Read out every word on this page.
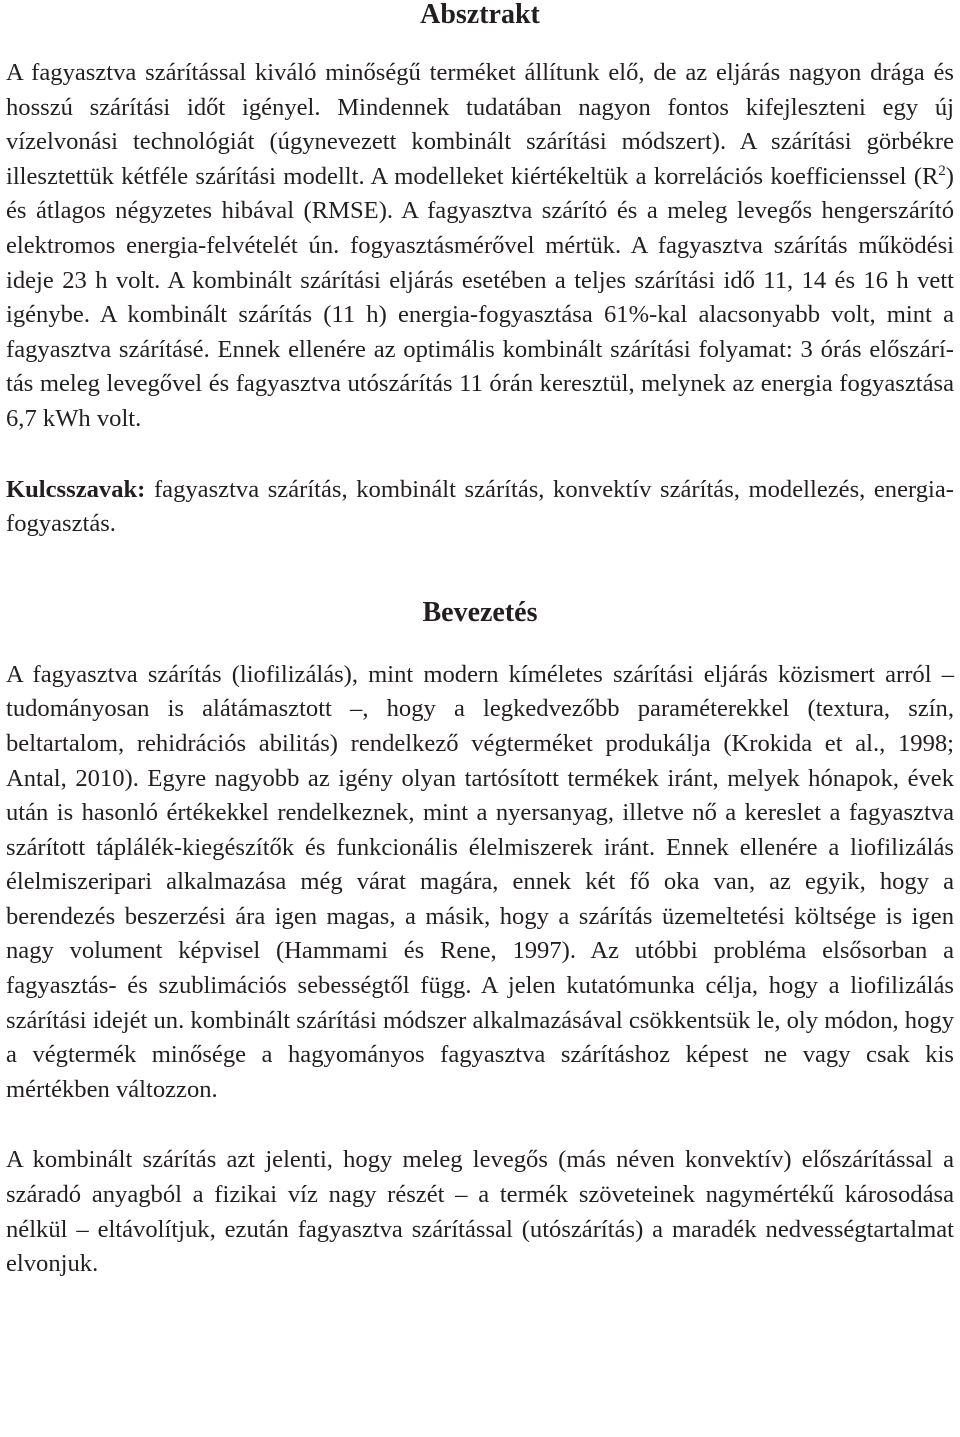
Absztrakt

A fagyasztva szárítással kiváló minőségű terméket állítunk elő, de az eljárás nagyon drága és hosszú szárítási időt igényel. Mindennek tudatában nagyon fontos kifejleszteni egy új vízelvonási technológiát (úgynevezett kombinált szárítási módszert). A szárítási görbékre illesztettük kétféle szárítási modellt. A modelleket kiértékeltük a korrelációs koefficienssel $(R^2)$ és átlagos négyzetes hibával (RMSE). A fagyasztva szárító és a meleg levegős hengerszárító elektromos energia-felvételét ún. fogyasztásmérővel mértük. A fagyasztva szárítás működési ideje 23 h volt. A kombinált szárítási eljárás esetében a teljes szárítási idő 11, 14 és 16 h vett igénybe. A kombinált szárítás (11 h) energia-fogyasztása 61%-kal alacsonyabb volt, mint a fagyasztva szárításé. Ennek ellenére az optimális kombinált szárítási folyamat: 3 órás előszárítás meleg levegővel és fagyasztva utószárítás 11 órán keresztül, melynek az energia fogyasztása 6,7 kWh volt.

Kulcsszavak: fagyasztva szárítás, kombinált szárítás, konvektív szárítás, modellezés, energia-fogyasztás.

Bevezetés

A fagyasztva szárítás (liofilizálás), mint modern kíméletes szárítási eljárás közismert arról – tudományosan is alátámasztott –, hogy a legkedvezőbb paraméterekkel (textura, szín, beltartalom, rehidrációs abilitás) rendelkező végterméket produkálja (Krokida et al., 1998; Antal, 2010). Egyre nagyobb az igény olyan tartósított termékek iránt, melyek hónapok, évek után is hasonló értékekkel rendelkeznek, mint a nyersanyag, illetve nő a kereslet a fagyasztva szárított táplálék-kiegészítők és funkcionális élelmiszerek iránt. Ennek ellenére a liofilizálás élelmiszeripari alkalmazása még várat magára, ennek két fő oka van, az egyik, hogy a berendezés beszerzési ára igen magas, a másik, hogy a szárítás üzemeltetési költsége is igen nagy volument képvisel (Hammami és Rene, 1997). Az utóbbi probléma elsősorban a fagyasztás- és szublimációs sebességtől függ. A jelen kutatómunka célja, hogy a liofilizálás szárítási idejét un. kombinált szárítási módszer alkalmazásával csökkentsük le, oly módon, hogy a végtermék minősége a hagyományos fagyasztva szárításhoz képest ne vagy csak kis mértékben változzon.

A kombinált szárítás azt jelenti, hogy meleg levegős (más néven konvektív) előszárítással a száradó anyagból a fizikai víz nagy részét – a termék szöveteinek nagymértékű károsodása nélkül – eltávolítjuk, ezután fagyasztva szárítással (utószárítás) a maradék nedvességtartalmat elvonjuk.
